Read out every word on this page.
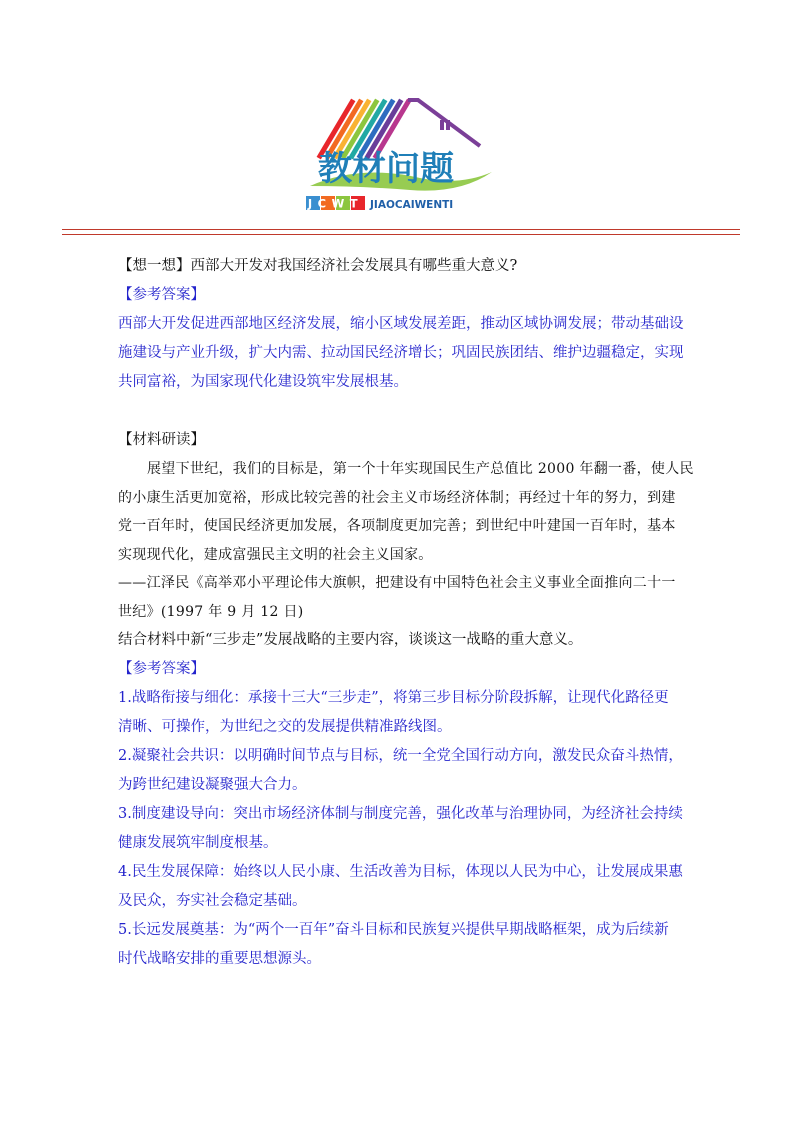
教材问题
JCWT JIAOCAIWENTI
【想一想】西部大开发对我国经济社会发展具有哪些重大意义?
【参考答案】
西部大开发促进西部地区经济发展，缩小区域发展差距，推动区域协调发展；带动基础设
施建设与产业升级，扩大内需、拉动国民经济增长；巩固民族团结、维护边疆稳定，实现
共同富裕，为国家现代化建设筑牢发展根基。
【材料研读】
展望下世纪，我们的目标是，第一个十年实现国民生产总值比 2000 年翻一番，使人民
的小康生活更加宽裕，形成比较完善的社会主义市场经济体制；再经过十年的努力，到建
党一百年时，使国民经济更加发展，各项制度更加完善；到世纪中叶建国一百年时，基本
实现现代化，建成富强民主文明的社会主义国家。
——江泽民《高举邓小平理论伟大旗帜，把建设有中国特色社会主义事业全面推向二十一
世纪》(1997 年 9 月 12 日)
结合材料中新“三步走”发展战略的主要内容，谈谈这一战略的重大意义。
【参考答案】
1.战略衔接与细化：承接十三大“三步走”，将第三步目标分阶段拆解，让现代化路径更
清晰、可操作，为世纪之交的发展提供精准路线图。
2.凝聚社会共识：以明确时间节点与目标，统一全党全国行动方向，激发民众奋斗热情，
为跨世纪建设凝聚强大合力。
3.制度建设导向：突出市场经济体制与制度完善，强化改革与治理协同，为经济社会持续
健康发展筑牢制度根基。
4.民生发展保障：始终以人民小康、生活改善为目标，体现以人民为中心，让发展成果惠
及民众，夯实社会稳定基础。
5.长远发展奠基：为“两个一百年”奋斗目标和民族复兴提供早期战略框架，成为后续新
时代战略安排的重要思想源头。
